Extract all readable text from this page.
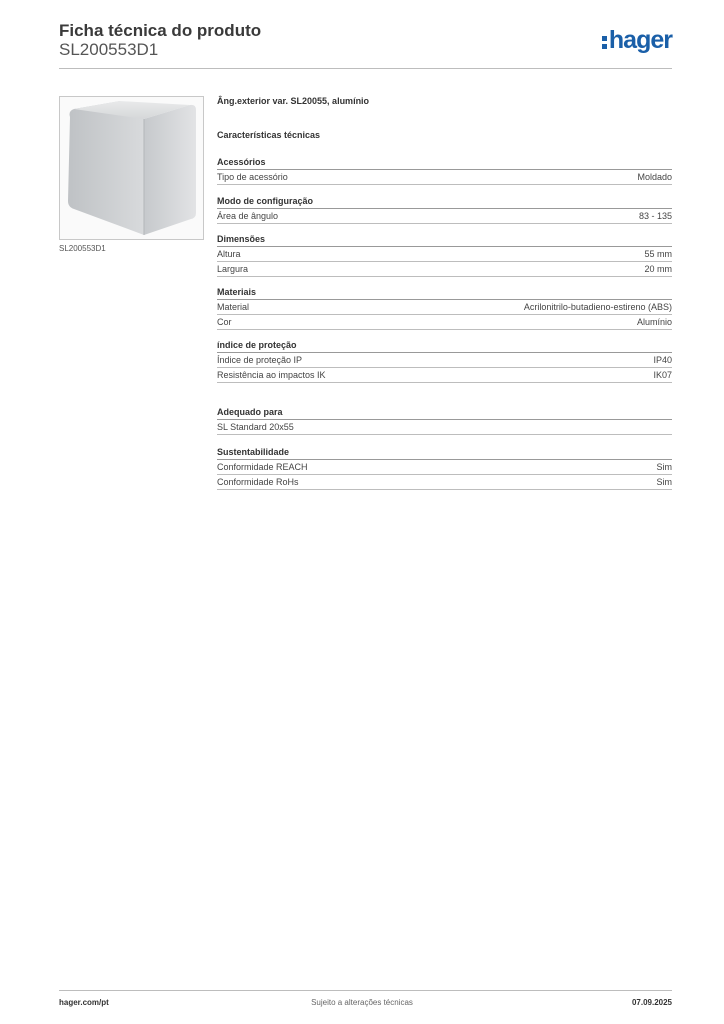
Ficha técnica do produto
SL200553D1	hager
SL200553D1
Âng.exterior var. SL20055, alumínio
Características técnicas
Acessórios
Tipo de acessório	Moldado
Modo de configuração
Área de ângulo	83 - 135
Dimensões
Altura	55 mm
Largura	20 mm
Materiais
Material	Acrilonitrilo-butadieno-estireno (ABS)
Cor	Alumínio
índice de proteção
Índice de proteção IP	IP40
Resistência ao impactos IK	IK07
Adequado para
SL Standard 20x55
Sustentabilidade
Conformidade REACH	Sim
Conformidade RoHs	Sim
hager.com/pt	Sujeito a alterações técnicas	07.09.2025
